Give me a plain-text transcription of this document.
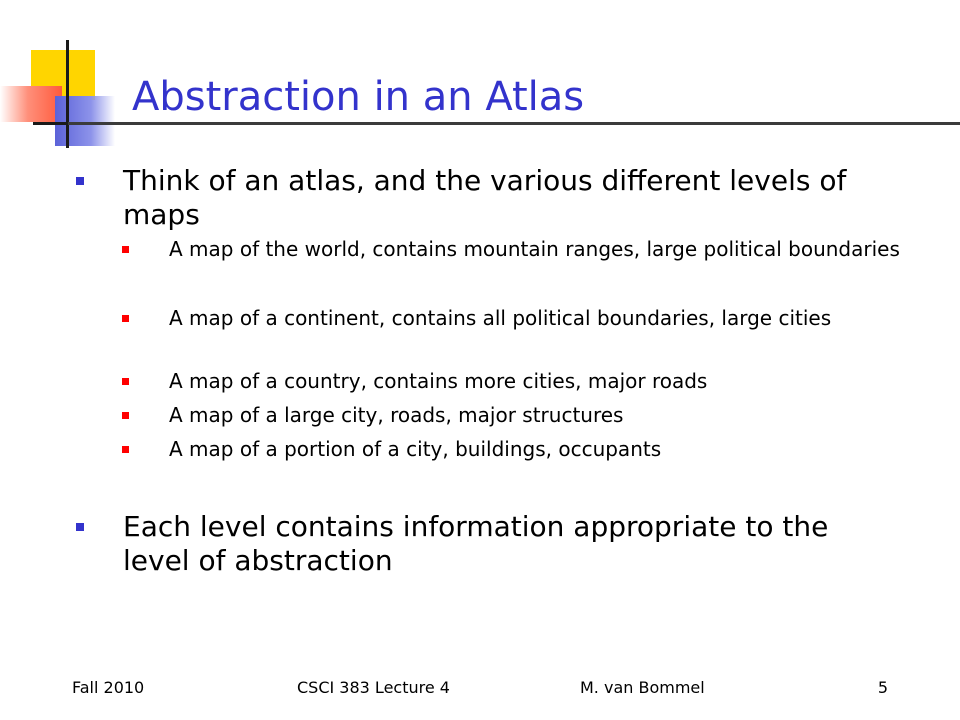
Abstraction in an Atlas
Think of an atlas, and the various different levels of maps
A map of the world, contains mountain ranges, large political boundaries
A map of a continent, contains all political boundaries, large cities
A map of a country, contains more cities, major roads
A map of a large city, roads, major structures
A map of a portion of a city, buildings, occupants
Each level contains information appropriate to the level of abstraction
Fall 2010	CSCI 383 Lecture 4	M. van Bommel	5
